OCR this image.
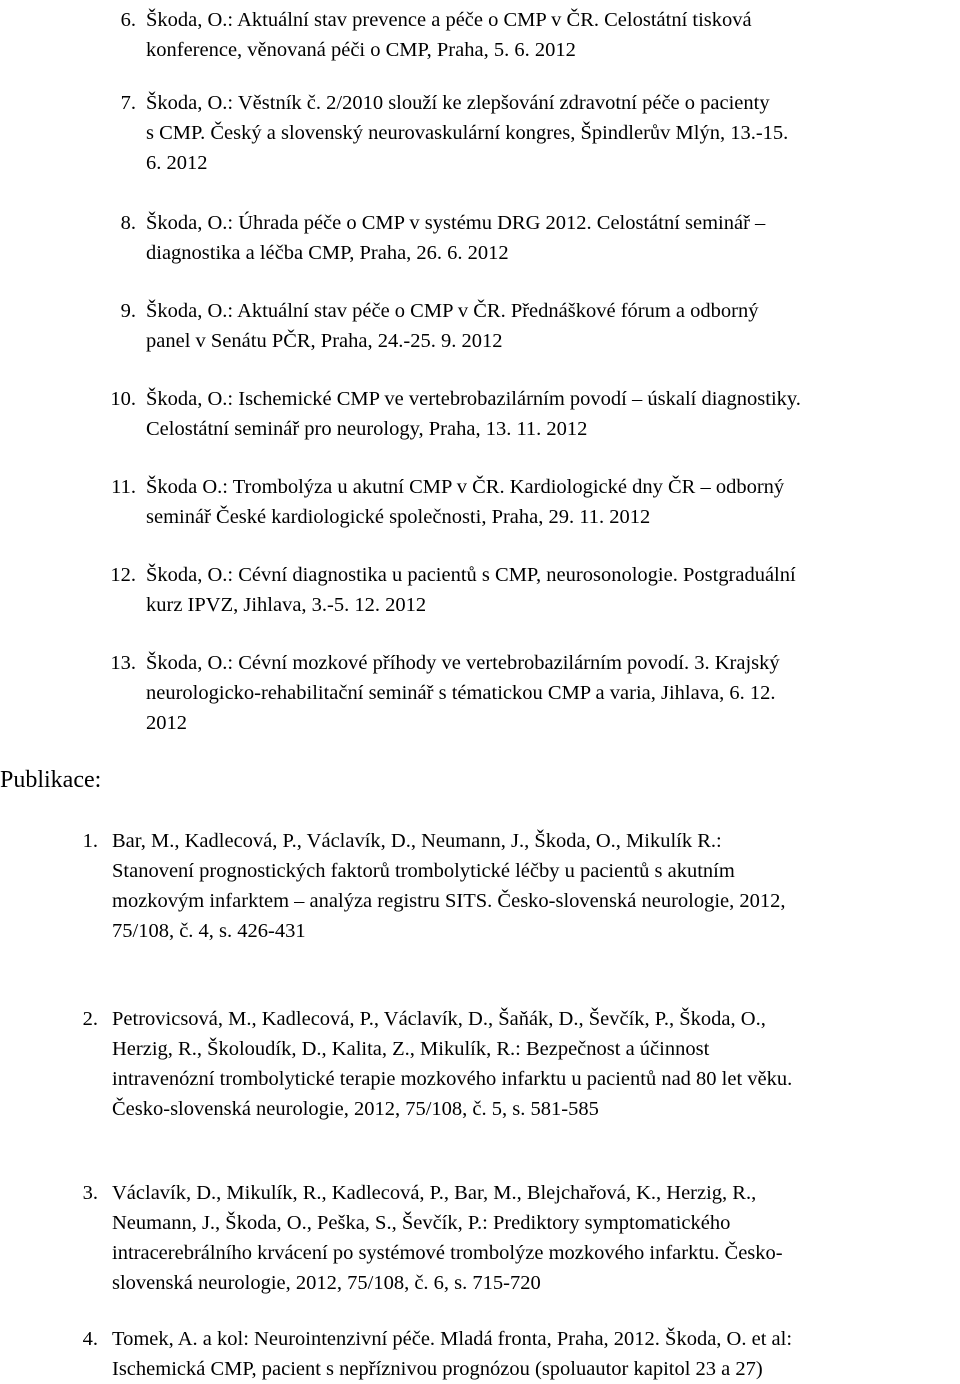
6. Škoda, O.: Aktuální stav prevence a péče o CMP v ČR. Celostátní tisková
konference, věnovaná péči o CMP, Praha, 5. 6. 2012
7. Škoda, O.: Věstník č. 2/2010 slouží ke zlepšování zdravotní péče o pacienty
s CMP. Český a slovenský neurovaskulární kongres, Špindlerův Mlýn, 13.-15.
6. 2012
8. Škoda, O.: Úhrada péče o CMP v systému DRG 2012. Celostátní seminář –
diagnostika a léčba CMP, Praha, 26. 6. 2012
9. Škoda, O.: Aktuální stav péče o CMP v ČR. Přednáškové fórum a odborný
panel v Senátu PČR, Praha, 24.-25. 9. 2012
10. Škoda, O.: Ischemické CMP ve vertebrobazilárním povodí – úskalí diagnostiky.
Celostátní seminář pro neurology, Praha, 13. 11. 2012
11. Škoda O.: Trombolýza u akutní CMP v ČR. Kardiologické dny ČR – odborný
seminář České kardiologické společnosti, Praha, 29. 11. 2012
12. Škoda, O.: Cévní diagnostika u pacientů s CMP, neurosonologie. Postgraduální
kurz IPVZ, Jihlava, 3.-5. 12. 2012
13. Škoda, O.: Cévní mozkové příhody ve vertebrobazilárním povodí. 3. Krajský
neurologicko-rehabilitační seminář s tématickou CMP a varia, Jihlava, 6. 12.
2012
Publikace:
1. Bar, M., Kadlecová, P., Václavík, D., Neumann, J., Škoda, O., Mikulík R.:
Stanovení prognostických faktorů trombolytické léčby u pacientů s akutním
mozkovým infarktem – analýza registru SITS. Česko-slovenská neurologie, 2012,
75/108, č. 4, s. 426-431
2. Petrovicsová, M., Kadlecová, P., Václavík, D., Šaňák, D., Ševčík, P., Škoda, O.,
Herzig, R., Školoudík, D., Kalita, Z., Mikulík, R.: Bezpečnost a účinnost
intravenózní trombolytické terapie mozkového infarktu u pacientů nad 80 let věku.
Česko-slovenská neurologie, 2012, 75/108, č. 5, s. 581-585
3. Václavík, D., Mikulík, R., Kadlecová, P., Bar, M., Blejchařová, K., Herzig, R.,
Neumann, J., Škoda, O., Peška, S., Ševčík, P.: Prediktory symptomatického
intracerebrálního krvácení po systémové trombolýze mozkového infarktu. Česko-
slovenská neurologie, 2012, 75/108, č. 6, s. 715-720
4. Tomek, A. a kol: Neurointenzivní péče. Mladá fronta, Praha, 2012. Škoda, O. et al:
Ischemická CMP, pacient s nepříznivou prognózou (spoluautor kapitol 23 a 27)
